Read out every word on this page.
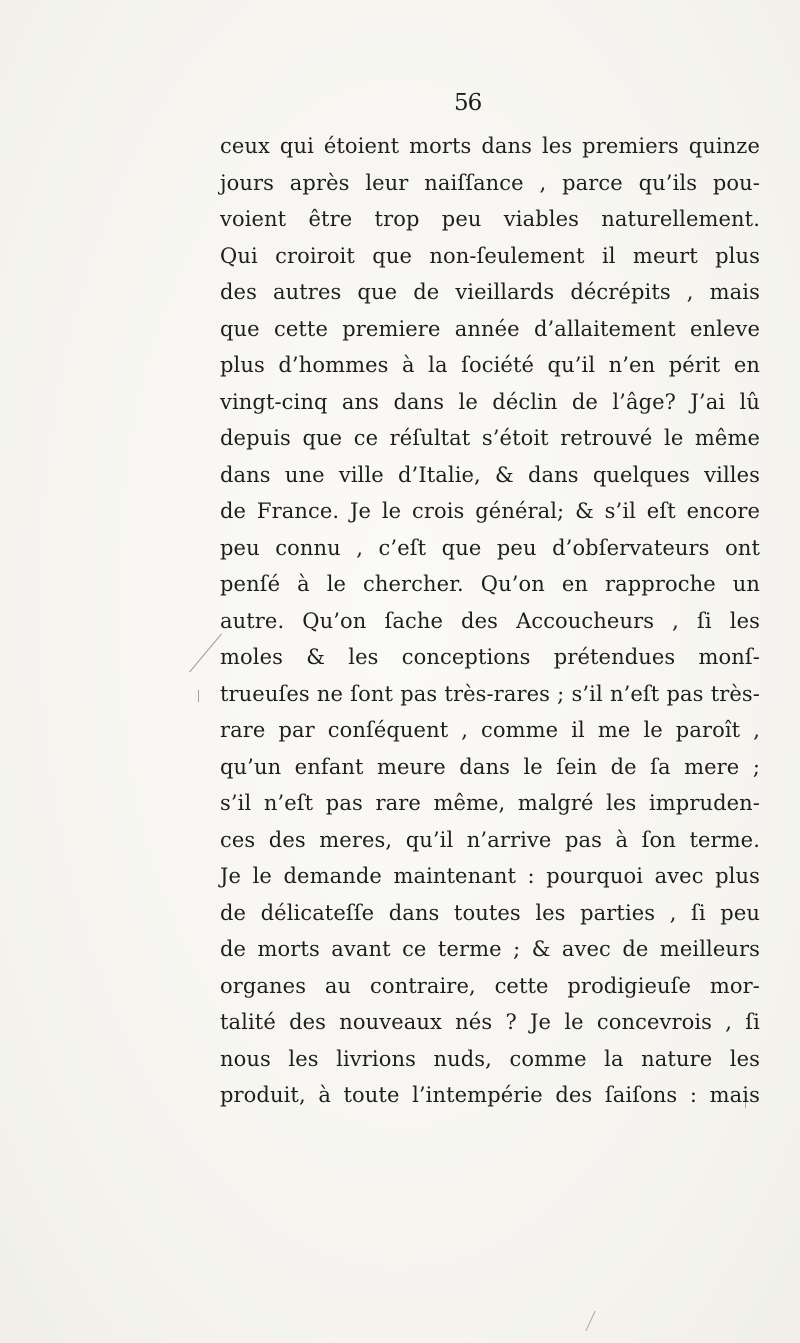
56
ceux qui étoient morts dans les premiers quinze
jours après leur naiſſance , parce qu’ils pou-
voient être trop peu viables naturellement.
Qui croiroit que non-ſeulement il meurt plus
des autres que de vieillards décrépits , mais
que cette premiere année d’allaitement enleve
plus d’hommes à la ſociété qu’il n’en périt en
vingt-cinq ans dans le déclin de l’âge? J’ai lû
depuis que ce réſultat s’étoit retrouvé le même
dans une ville d’Italie, & dans quelques villes
de France. Je le crois général; & s’il eſt encore
peu connu , c’eſt que peu d’obſervateurs ont
penſé à le chercher. Qu’on en rapproche un
autre. Qu’on ſache des Accoucheurs , ſi les
moles & les conceptions prétendues monſ-
trueuſes ne ſont pas très-rares ; s’il n’eſt pas très-
rare par conſéquent , comme il me le paroît ,
qu’un enfant meure dans le ſein de ſa mere ;
s’il n’eſt pas rare même, malgré les impruden-
ces des meres, qu’il n’arrive pas à ſon terme.
Je le demande maintenant : pourquoi avec plus
de délicateſſe dans toutes les parties , ſi peu
de morts avant ce terme ; & avec de meilleurs
organes au contraire, cette prodigieuſe mor-
talité des nouveaux nés ? Je le concevrois , ſi
nous les livrions nuds, comme la nature les
produit, à toute l’intempérie des ſaiſons : mais
